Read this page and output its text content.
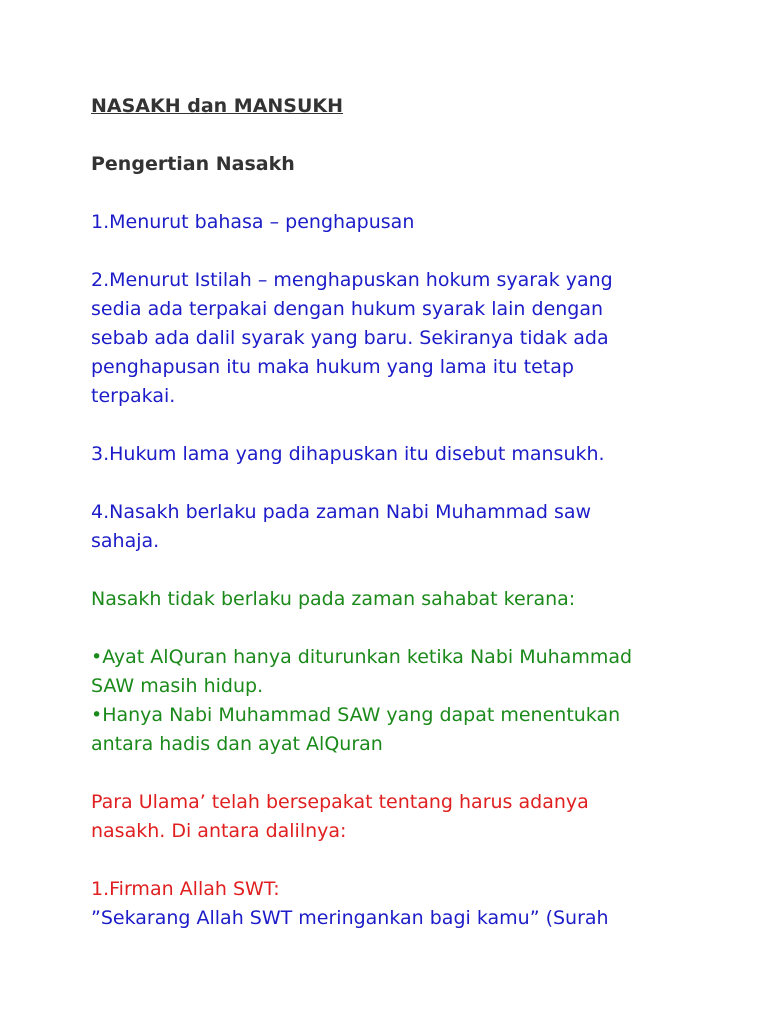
NASAKH dan MANSUKH

Pengertian Nasakh

1.Menurut bahasa – penghapusan

2.Menurut Istilah – menghapuskan hokum syarak yang

sedia ada terpakai dengan hukum syarak lain dengan

sebab ada dalil syarak yang baru. Sekiranya tidak ada

penghapusan itu maka hukum yang lama itu tetap

terpakai.

3.Hukum lama yang dihapuskan itu disebut mansukh.

4.Nasakh berlaku pada zaman Nabi Muhammad saw

sahaja.

Nasakh tidak berlaku pada zaman sahabat kerana:

•Ayat AlQuran hanya diturunkan ketika Nabi Muhammad

SAW masih hidup.

•Hanya Nabi Muhammad SAW yang dapat menentukan

antara hadis dan ayat AlQuran

Para Ulama’ telah bersepakat tentang harus adanya

nasakh. Di antara dalilnya:

1.Firman Allah SWT:

”Sekarang Allah SWT meringankan bagi kamu” (Surah
